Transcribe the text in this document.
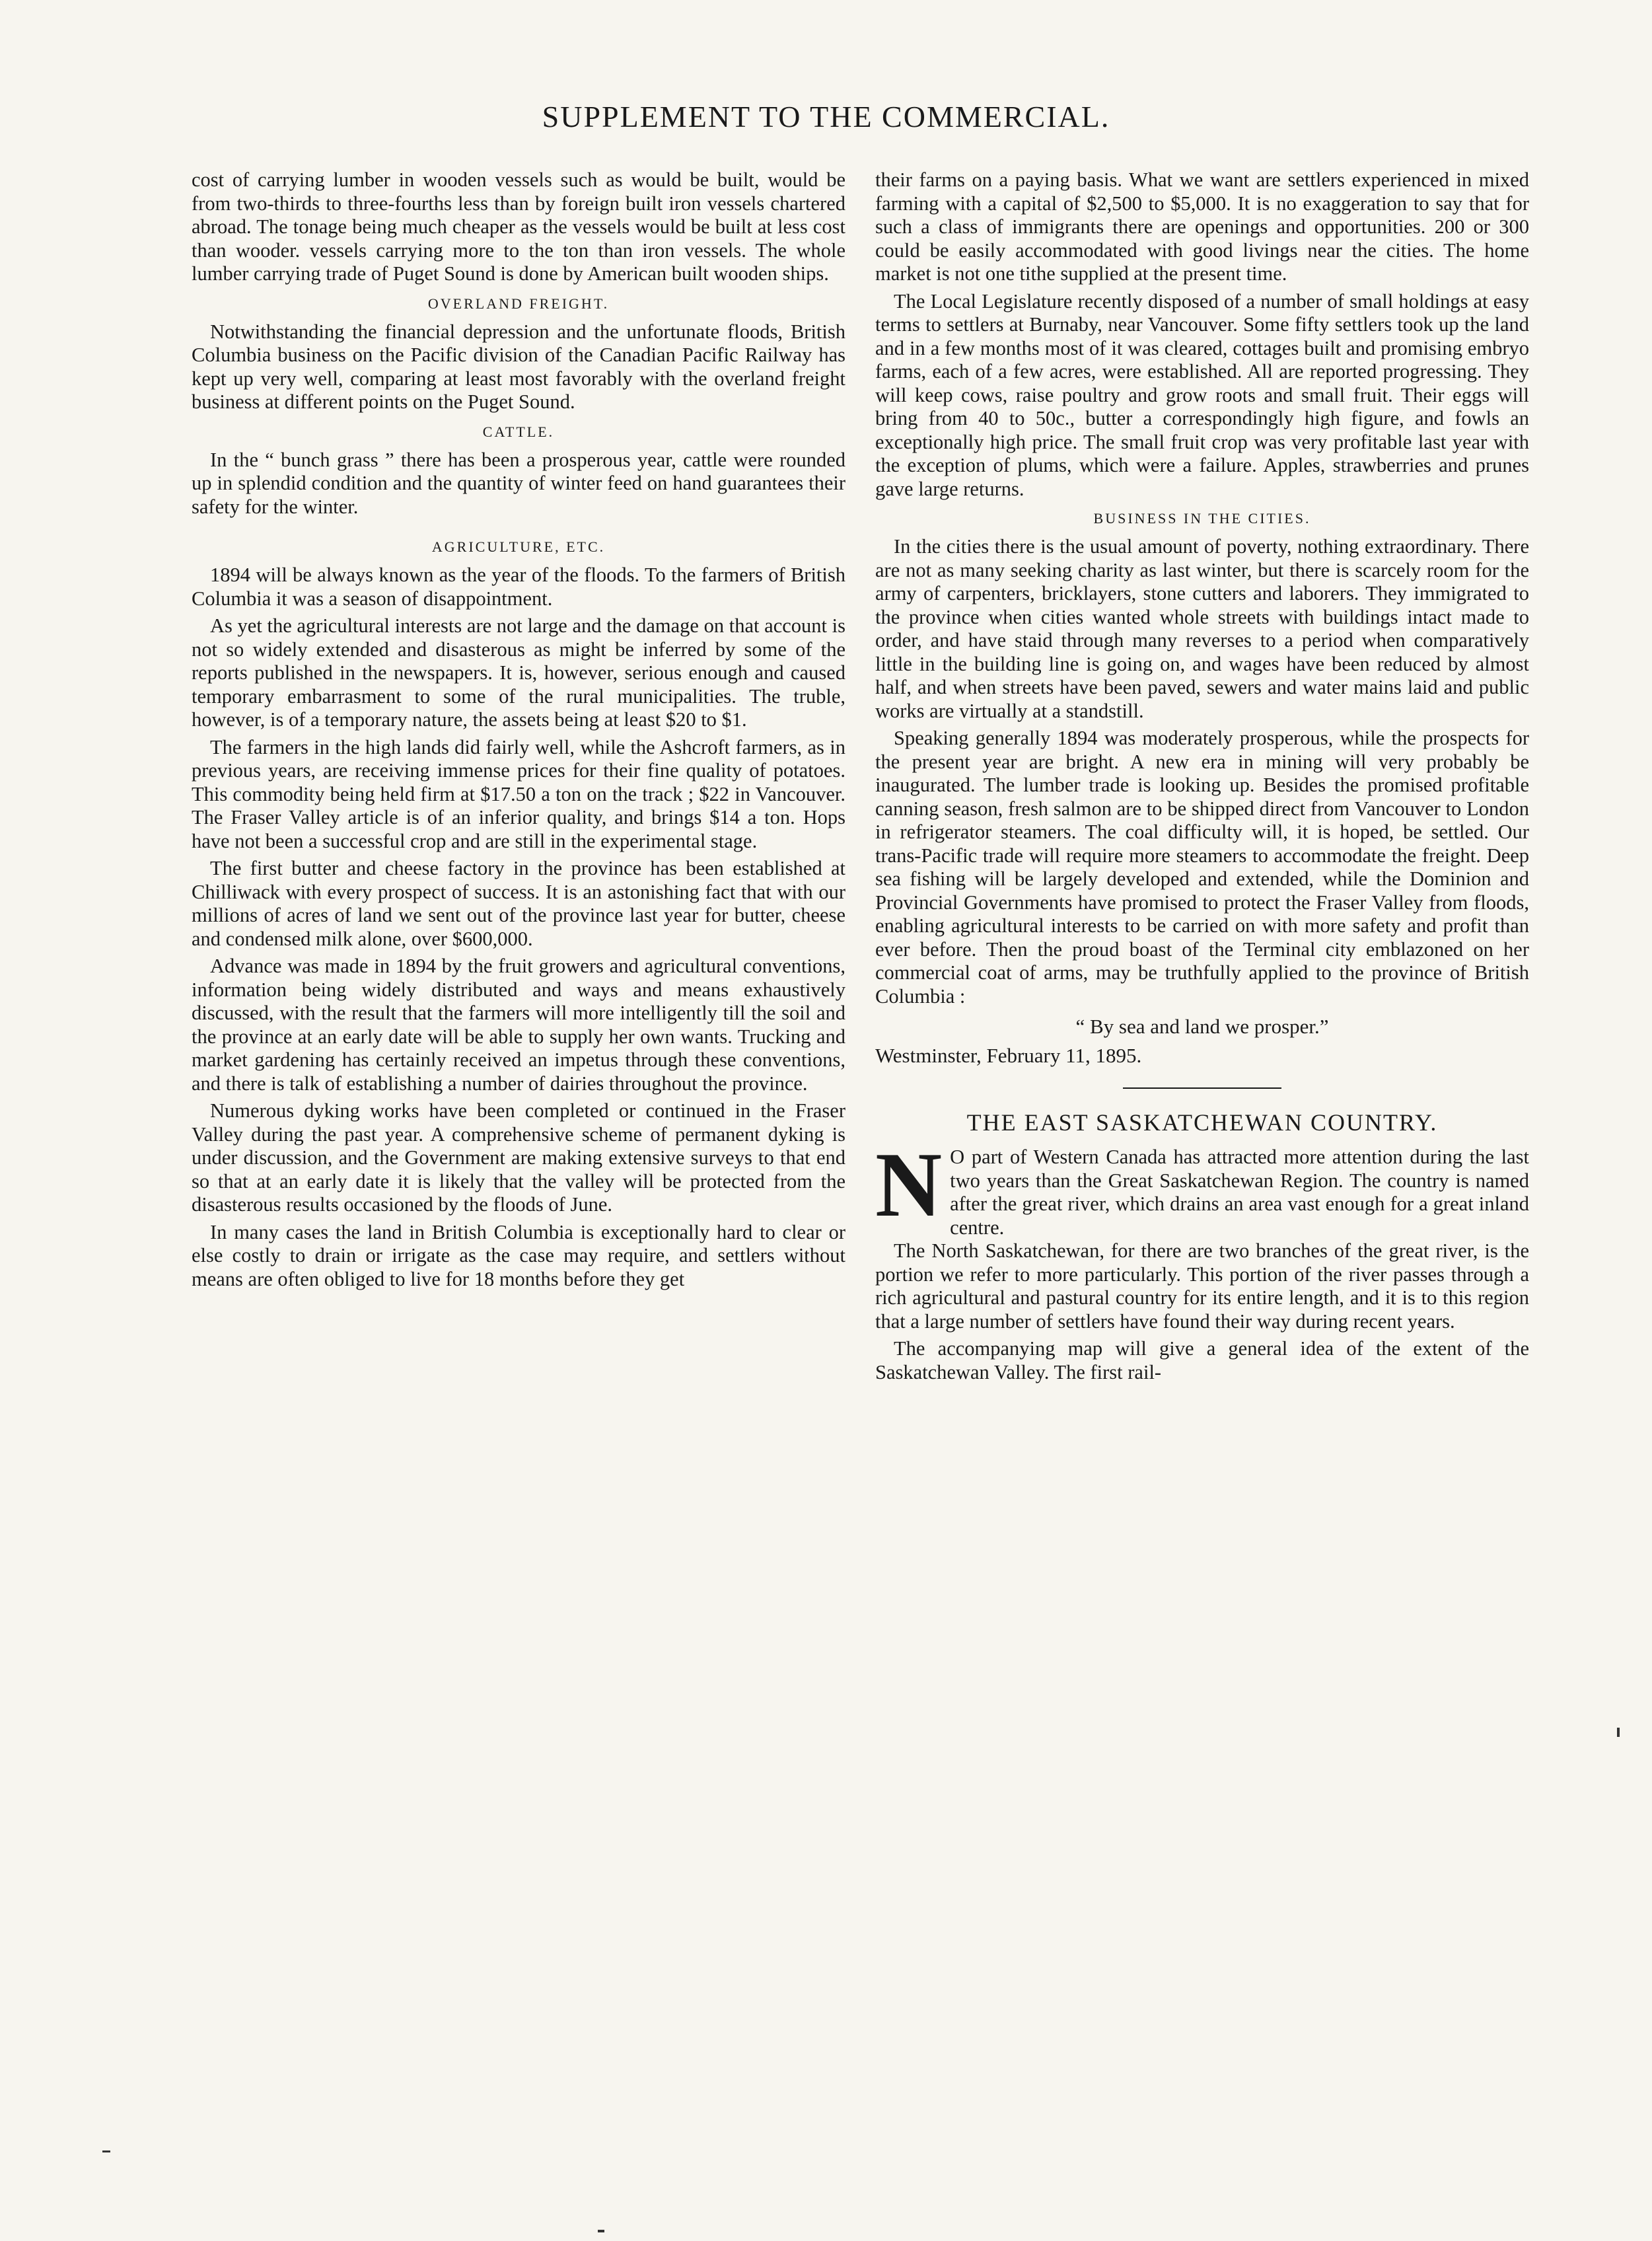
SUPPLEMENT TO THE COMMERCIAL.

cost of carrying lumber in wooden vessels such as would be built, would be from two-thirds to three-fourths less than by foreign built iron vessels chartered abroad. The tonage being much cheaper as the vessels would be built at less cost than wooder. vessels carrying more to the ton than iron vessels. The whole lumber carrying trade of Puget Sound is done by American built wooden ships.

OVERLAND FREIGHT.

Notwithstanding the financial depression and the unfortunate floods, British Columbia business on the Pacific division of the Canadian Pacific Railway has kept up very well, comparing at least most favorably with the overland freight business at different points on the Puget Sound.

CATTLE.

In the “ bunch grass ” there has been a prosperous year, cattle were rounded up in splendid condition and the quantity of winter feed on hand guarantees their safety for the winter.

AGRICULTURE, ETC.

1894 will be always known as the year of the floods. To the farmers of British Columbia it was a season of disappointment.

As yet the agricultural interests are not large and the damage on that account is not so widely extended and disasterous as might be inferred by some of the reports published in the newspapers. It is, however, serious enough and caused temporary embarrasment to some of the rural municipalities. The truble, however, is of a temporary nature, the assets being at least $20 to $1.

The farmers in the high lands did fairly well, while the Ashcroft farmers, as in previous years, are receiving immense prices for their fine quality of potatoes. This commodity being held firm at $17.50 a ton on the track ; $22 in Vancouver. The Fraser Valley article is of an inferior quality, and brings $14 a ton. Hops have not been a successful crop and are still in the experimental stage.

The first butter and cheese factory in the province has been established at Chilliwack with every prospect of success. It is an astonishing fact that with our millions of acres of land we sent out of the province last year for butter, cheese and condensed milk alone, over $600,000.

Advance was made in 1894 by the fruit growers and agricultural conventions, information being widely distributed and ways and means exhaustively discussed, with the result that the farmers will more intelligently till the soil and the province at an early date will be able to supply her own wants. Trucking and market gardening has certainly received an impetus through these conventions, and there is talk of establishing a number of dairies throughout the province.

Numerous dyking works have been completed or continued in the Fraser Valley during the past year. A comprehensive scheme of permanent dyking is under discussion, and the Government are making extensive surveys to that end so that at an early date it is likely that the valley will be protected from the disasterous results occasioned by the floods of June.

In many cases the land in British Columbia is exceptionally hard to clear or else costly to drain or irrigate as the case may require, and settlers without means are often obliged to live for 18 months before they get

their farms on a paying basis. What we want are settlers experienced in mixed farming with a capital of $2,500 to $5,000. It is no exaggeration to say that for such a class of immigrants there are openings and opportunities. 200 or 300 could be easily accommodated with good livings near the cities. The home market is not one tithe supplied at the present time.

The Local Legislature recently disposed of a number of small holdings at easy terms to settlers at Burnaby, near Vancouver. Some fifty settlers took up the land and in a few months most of it was cleared, cottages built and promising embryo farms, each of a few acres, were established. All are reported progressing. They will keep cows, raise poultry and grow roots and small fruit. Their eggs will bring from 40 to 50c., butter a correspondingly high figure, and fowls an exceptionally high price. The small fruit crop was very profitable last year with the exception of plums, which were a failure. Apples, strawberries and prunes gave large returns.

BUSINESS IN THE CITIES.

In the cities there is the usual amount of poverty, nothing extraordinary. There are not as many seeking charity as last winter, but there is scarcely room for the army of carpenters, bricklayers, stone cutters and laborers. They immigrated to the province when cities wanted whole streets with buildings intact made to order, and have staid through many reverses to a period when comparatively little in the building line is going on, and wages have been reduced by almost half, and when streets have been paved, sewers and water mains laid and public works are virtually at a standstill.

Speaking generally 1894 was moderately prosperous, while the prospects for the present year are bright. A new era in mining will very probably be inaugurated. The lumber trade is looking up. Besides the promised profitable canning season, fresh salmon are to be shipped direct from Vancouver to London in refrigerator steamers. The coal difficulty will, it is hoped, be settled. Our trans-Pacific trade will require more steamers to accommodate the freight. Deep sea fishing will be largely developed and extended, while the Dominion and Provincial Governments have promised to protect the Fraser Valley from floods, enabling agricultural interests to be carried on with more safety and profit than ever before. Then the proud boast of the Terminal city emblazoned on her commercial coat of arms, may be truthfully applied to the province of British Columbia :

“ By sea and land we prosper.”
Westminster, February 11, 1895.
THE EAST SASKATCHEWAN COUNTRY.
N O part of Western Canada has attracted more attention during the last two years than the Great Saskatchewan Region. The country is named after the great river, which drains an area vast enough for a great inland centre.

The North Saskatchewan, for there are two branches of the great river, is the portion we refer to more particularly. This portion of the river passes through a rich agricultural and pastural country for its entire length, and it is to this region that a large number of settlers have found their way during recent years.

The accompanying map will give a general idea of the extent of the Saskatchewan Valley. The first rail-
